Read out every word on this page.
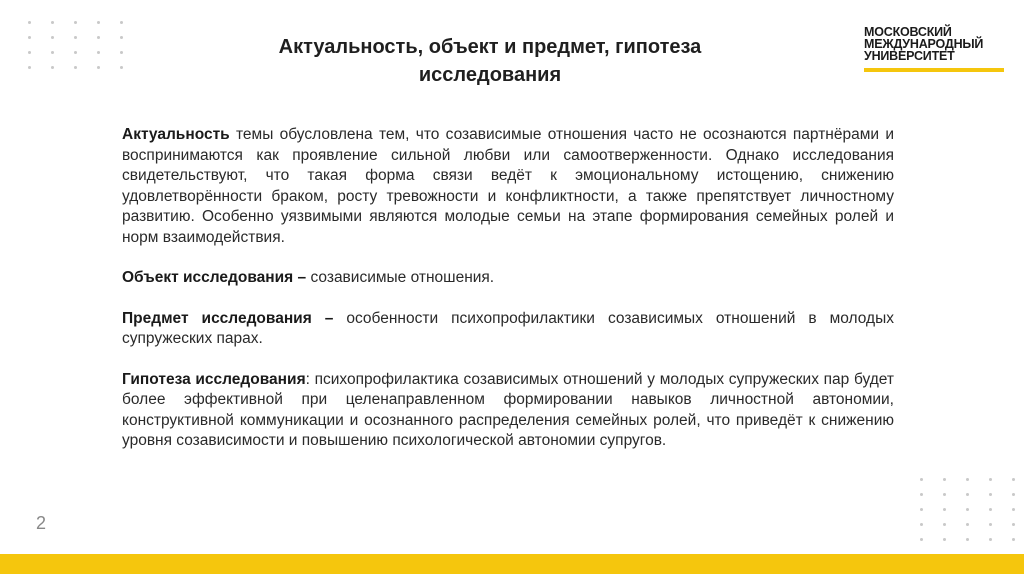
МОСКОВСКИЙ
МЕЖДУНАРОДНЫЙ
УНИВЕРСИТЕТ
Актуальность, объект и предмет, гипотеза
исследования

Актуальность темы обусловлена тем, что созависимые отношения часто не осознаются партнёрами и воспринимаются как проявление сильной любви или самоотверженности. Однако исследования свидетельствуют, что такая форма связи ведёт к эмоциональному истощению, снижению удовлетворённости браком, росту тревожности и конфликтности, а также препятствует личностному развитию. Особенно уязвимыми являются молодые семьи на этапе формирования семейных ролей и норм взаимодействия.

Объект исследования – созависимые отношения.

Предмет исследования – особенности психопрофилактики созависимых отношений в молодых супружеских парах.

Гипотеза исследования: психопрофилактика созависимых отношений у молодых супружеских пар будет более эффективной при целенаправленном формировании навыков личностной автономии, конструктивной коммуникации и осознанного распределения семейных ролей, что приведёт к снижению уровня созависимости и повышению психологической автономии супругов.

2
